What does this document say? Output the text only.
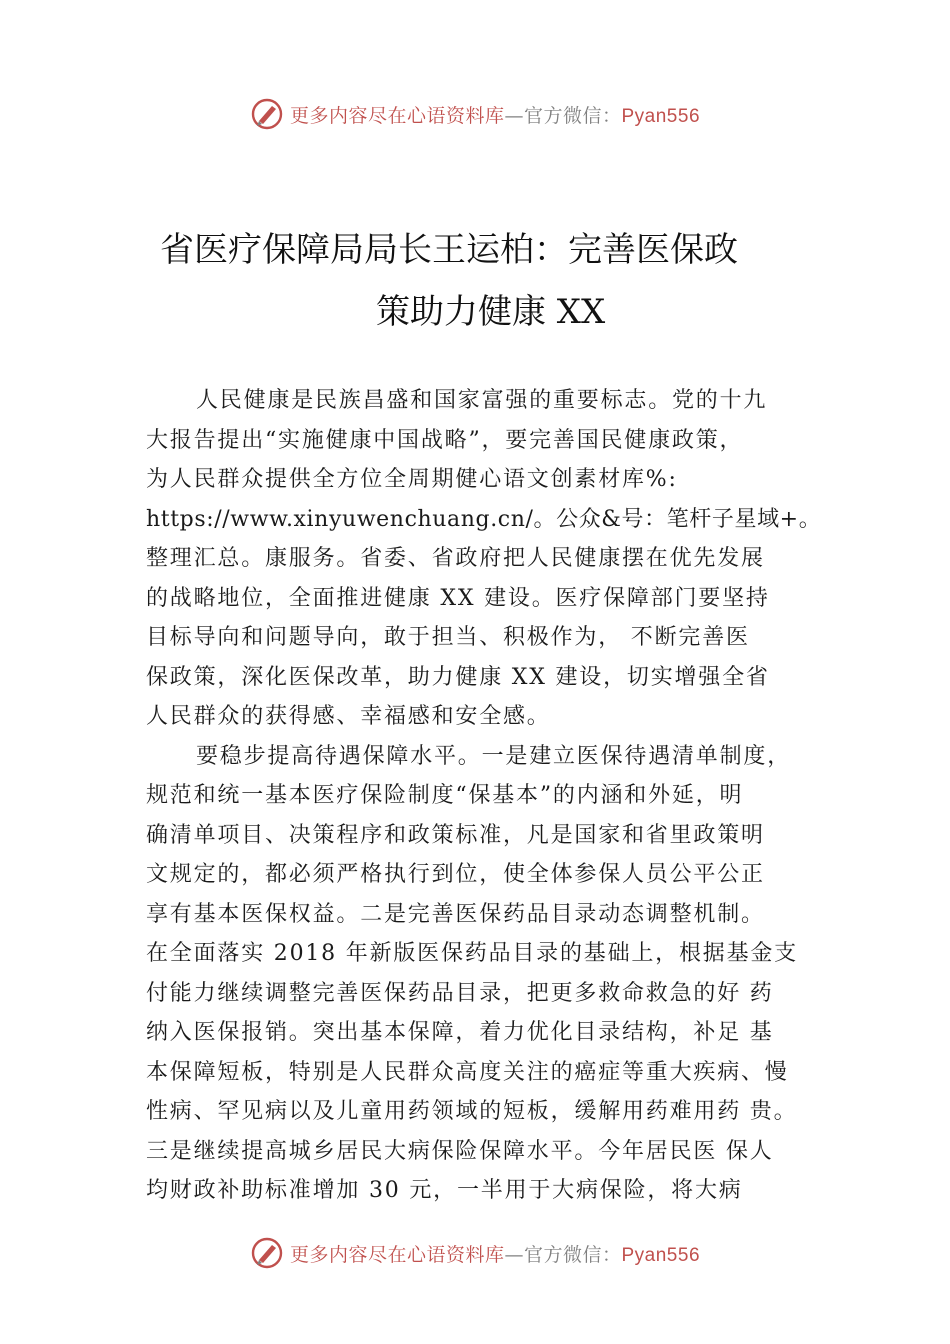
更多内容尽在心语资料库—官方微信：Pyan556
省医疗保障局局长王运柏：完善医保政
策助力健康 XX
人民健康是民族昌盛和国家富强的重要标志。党的十九
大报告提出“实施健康中国战略”，要完善国民健康政策，
为人民群众提供全方位全周期健心语文创素材库%:
https://www.xinyuwenchuang.cn/。公众&号：笔杆子星域+。
整理汇总。康服务。省委、省政府把人民健康摆在优先发展
的战略地位，全面推进健康 XX 建设。医疗保障部门要坚持
目标导向和问题导向，敢于担当、积极作为， 不断完善医
保政策，深化医保改革，助力健康 XX 建设，切实增强全省
人民群众的获得感、幸福感和安全感。
要稳步提高待遇保障水平。一是建立医保待遇清单制度，
规范和统一基本医疗保险制度“保基本”的内涵和外延，明
确清单项目、决策程序和政策标准，凡是国家和省里政策明
文规定的，都必须严格执行到位，使全体参保人员公平公正
享有基本医保权益。二是完善医保药品目录动态调整机制。
在全面落实 2018 年新版医保药品目录的基础上，根据基金支
付能力继续调整完善医保药品目录，把更多救命救急的好 药
纳入医保报销。突出基本保障，着力优化目录结构，补足 基
本保障短板，特别是人民群众高度关注的癌症等重大疾病、慢
性病、罕见病以及儿童用药领域的短板，缓解用药难用药 贵。
三是继续提高城乡居民大病保险保障水平。今年居民医 保人
均财政补助标准增加 30 元，一半用于大病保险，将大病
更多内容尽在心语资料库—官方微信：Pyan556
